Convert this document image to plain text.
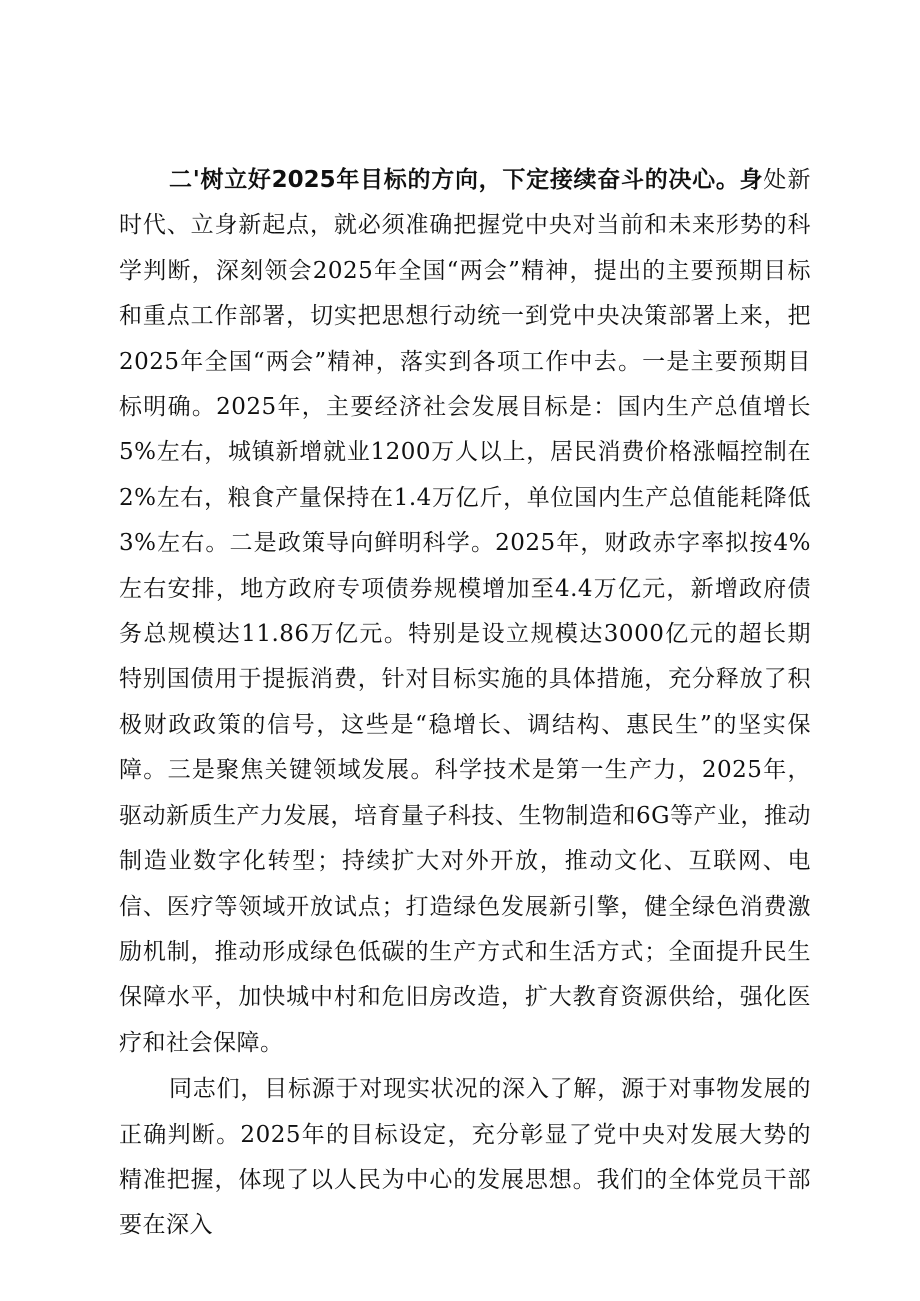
二'树立好2025年目标的方向，下定接续奋斗的决心。身处新时代、立身新起点，就必须准确把握党中央对当前和未来形势的科学判断，深刻领会2025年全国“两会”精神，提出的主要预期目标和重点工作部署，切实把思想行动统一到党中央决策部署上来，把2025年全国“两会”精神，落实到各项工作中去。一是主要预期目标明确。2025年，主要经济社会发展目标是：国内生产总值增长5%左右，城镇新增就业1200万人以上，居民消费价格涨幅控制在2%左右，粮食产量保持在1.4万亿斤，单位国内生产总值能耗降低3%左右。二是政策导向鲜明科学。2025年，财政赤字率拟按4%左右安排，地方政府专项债券规模增加至4.4万亿元，新增政府债务总规模达11.86万亿元。特别是设立规模达3000亿元的超长期特别国债用于提振消费，针对目标实施的具体措施，充分释放了积极财政政策的信号，这些是“稳增长、调结构、惠民生”的坚实保障。三是聚焦关键领域发展。科学技术是第一生产力，2025年，驱动新质生产力发展，培育量子科技、生物制造和6G等产业，推动制造业数字化转型；持续扩大对外开放，推动文化、互联网、电信、医疗等领域开放试点；打造绿色发展新引擎，健全绿色消费激励机制，推动形成绿色低碳的生产方式和生活方式；全面提升民生保障水平，加快城中村和危旧房改造，扩大教育资源供给，强化医疗和社会保障。

同志们，目标源于对现实状况的深入了解，源于对事物发展的正确判断。2025年的目标设定，充分彰显了党中央对发展大势的精准把握，体现了以人民为中心的发展思想。我们的全体党员干部要在深入
